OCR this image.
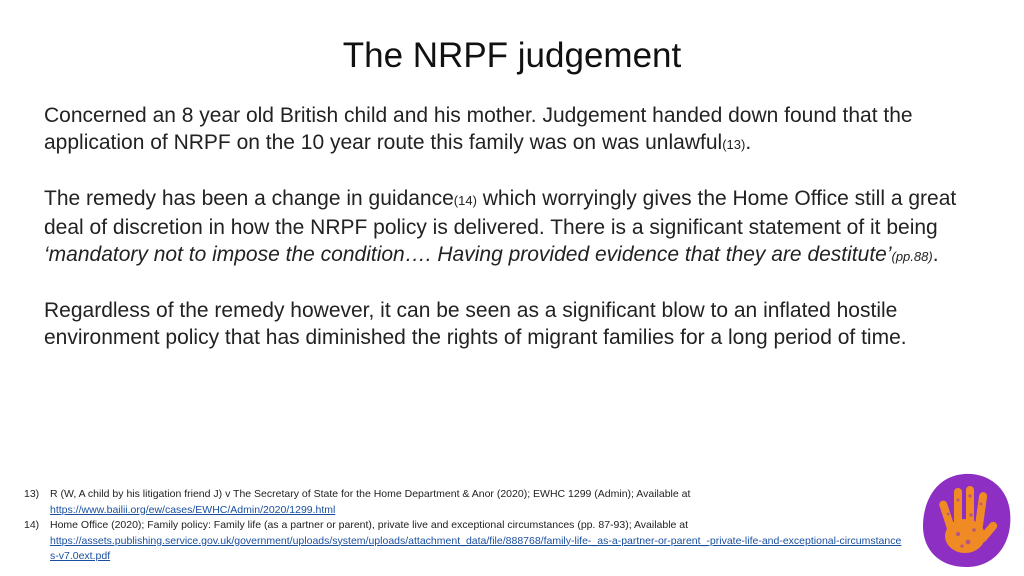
The NRPF judgement

Concerned an 8 year old British child and his mother. Judgement handed down found that the application of NRPF on the 10 year route this family was on was unlawful(13).

The remedy has been a change in guidance(14) which worryingly gives the Home Office still a great deal of discretion in how the NRPF policy is delivered. There is a significant statement of it being ‘mandatory not to impose the condition…. Having provided evidence that they are destitute’(pp.88).

Regardless of the remedy however, it can be seen as a significant blow to an inflated hostile environment policy that has diminished the rights of migrant families for a long period of time.

13)	R (W, A child by his litigation friend J) v The Secretary of State for the Home Department & Anor (2020); EWHC 1299 (Admin); Available at
https://www.bailii.org/ew/cases/EWHC/Admin/2020/1299.html
14)	Home Office (2020); Family policy: Family life (as a partner or parent), private live and exceptional circumstances (pp. 87-93); Available at
https://assets.publishing.service.gov.uk/government/uploads/system/uploads/attachment_data/file/888768/family-life-_as-a-partner-or-parent_-private-life-and-exceptional-circumstances-v7.0ext.pdf
